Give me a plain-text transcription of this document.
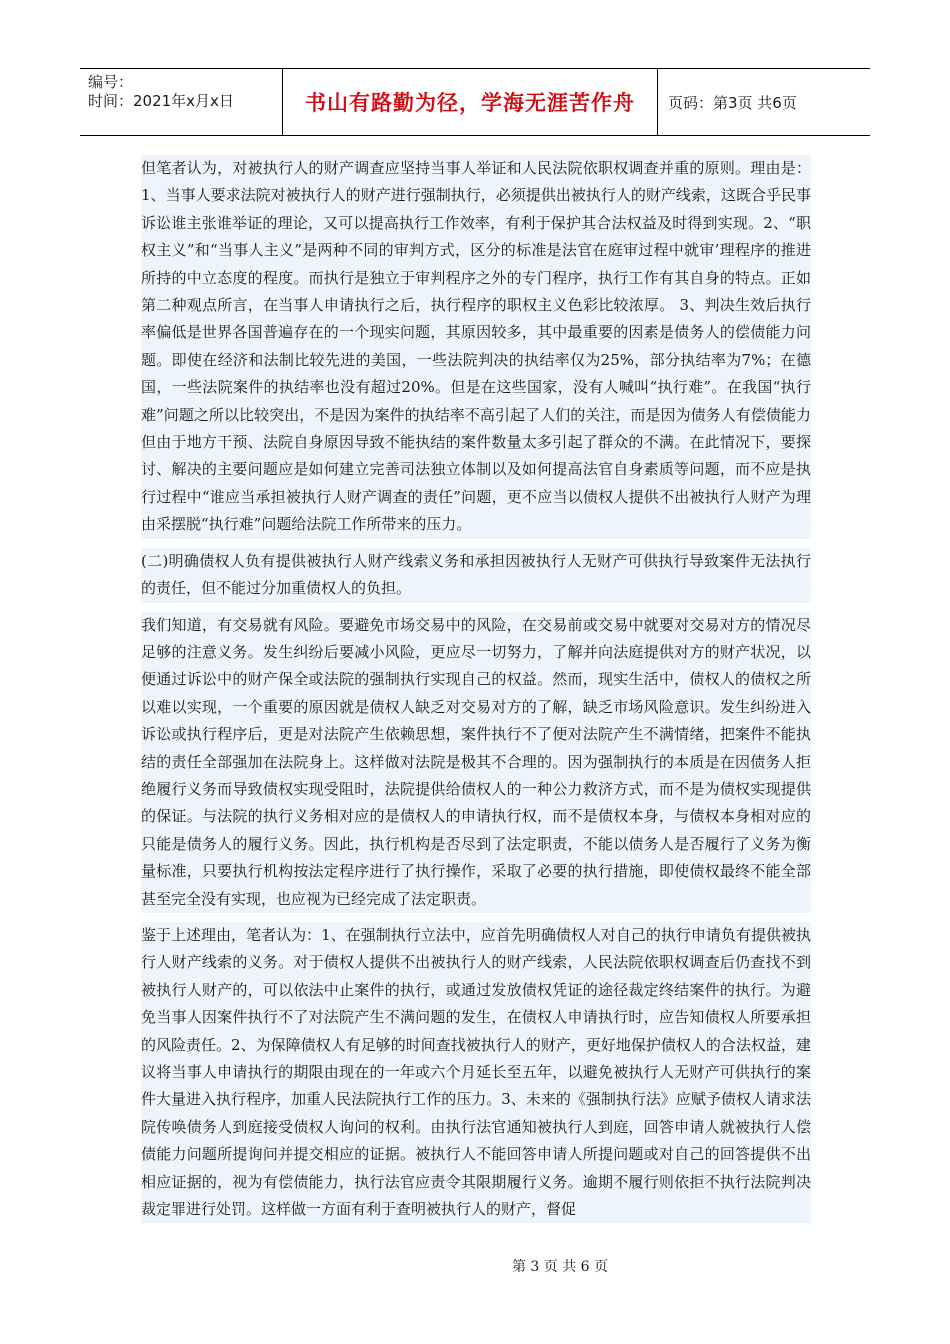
编号：
时间：2021年x月x日	书山有路勤为径，学海无涯苦作舟	页码：第3页 共6页

但笔者认为，对被执行人的财产调查应坚持当事人举证和人民法院依职权调查并重的原则。理由是：1、当事人要求法院对被执行人的财产进行强制执行，必须提供出被执行人的财产线索，这既合乎民事诉讼谁主张谁举证的理论，又可以提高执行工作效率，有利于保护其合法权益及时得到实现。2、“职权主义”和“当事人主义”是两种不同的审判方式，区分的标准是法官在庭审过程中就审’理程序的推进所持的中立态度的程度。而执行是独立于审判程序之外的专门程序，执行工作有其自身的特点。正如第二种观点所言，在当事人申请执行之后，执行程序的职权主义色彩比较浓厚。 3、判决生效后执行率偏低是世界各国普遍存在的一个现实问题，其原因较多，其中最重要的因素是债务人的偿债能力问题。即使在经济和法制比较先进的美国，一些法院判决的执结率仅为25%，部分执结率为7%；在德国，一些法院案件的执结率也没有超过20%。但是在这些国家，没有人喊叫“执行难”。在我国“执行难”问题之所以比较突出，不是因为案件的执结率不高引起了人们的关注，而是因为债务人有偿债能力但由于地方干预、法院自身原因导致不能执结的案件数量太多引起了群众的不满。在此情况下，要探讨、解决的主要问题应是如何建立完善司法独立体制以及如何提高法官自身素质等问题，而不应是执行过程中“谁应当承担被执行人财产调查的责任”问题，更不应当以债权人提供不出被执行人财产为理由采摆脱“执行难”问题给法院工作所带来的压力。

(二)明确债权人负有提供被执行人财产线索义务和承担因被执行人无财产可供执行导致案件无法执行的责任，但不能过分加重债权人的负担。

我们知道，有交易就有风险。要避免市场交易中的风险，在交易前或交易中就要对交易对方的情况尽足够的注意义务。发生纠纷后要减小风险，更应尽一切努力，了解并向法庭提供对方的财产状况，以便通过诉讼中的财产保全或法院的强制执行实现自己的权益。然而，现实生活中，债权人的债权之所以难以实现，一个重要的原因就是债权人缺乏对交易对方的了解，缺乏市场风险意识。发生纠纷进入诉讼或执行程序后，更是对法院产生依赖思想，案件执行不了便对法院产生不满情绪，把案件不能执结的责任全部强加在法院身上。这样做对法院是极其不合理的。因为强制执行的本质是在因债务人拒绝履行义务而导致债权实现受阻时，法院提供给债权人的一种公力救济方式，而不是为债权实现提供的保证。与法院的执行义务相对应的是债权人的申请执行权，而不是债权本身，与债权本身相对应的只能是债务人的履行义务。因此，执行机构是否尽到了法定职责，不能以债务人是否履行了义务为衡量标准，只要执行机构按法定程序进行了执行操作，采取了必要的执行措施，即使债权最终不能全部甚至完全没有实现，也应视为已经完成了法定职责。

鉴于上述理由，笔者认为：1、在强制执行立法中，应首先明确债权人对自己的执行申请负有提供被执行人财产线索的义务。对于债权人提供不出被执行人的财产线索，人民法院依职权调查后仍查找不到被执行人财产的，可以依法中止案件的执行，或通过发放债权凭证的途径裁定终结案件的执行。为避免当事人因案件执行不了对法院产生不满问题的发生，在债权人申请执行时，应告知债权人所要承担的风险责任。2、为保障债权人有足够的时间查找被执行人的财产，更好地保护债权人的合法权益，建议将当事人申请执行的期限由现在的一年或六个月延长至五年，以避免被执行人无财产可供执行的案件大量进入执行程序，加重人民法院执行工作的压力。3、未来的《强制执行法》应赋予债权人请求法院传唤债务人到庭接受债权人询问的权利。由执行法官通知被执行人到庭，回答申请人就被执行人偿债能力问题所提询问并提交相应的证据。被执行人不能回答申请人所提问题或对自己的回答提供不出相应证据的，视为有偿债能力，执行法官应责令其限期履行义务。逾期不履行则依拒不执行法院判决裁定罪进行处罚。这样做一方面有利于查明被执行人的财产，督促

第 3 页 共 6 页
